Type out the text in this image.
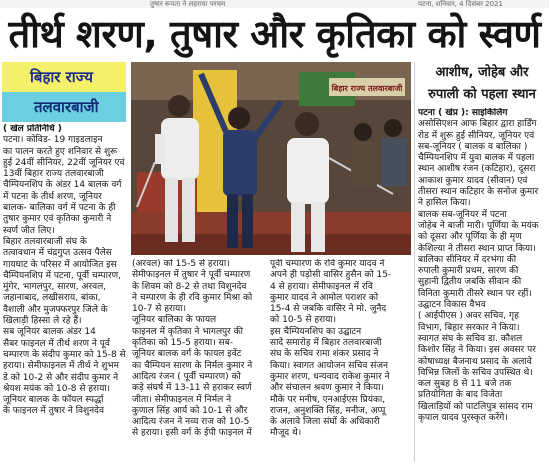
तुषार रूपता ने लहराया परचम	पटना, शनिवार, 4 दिसंबर 2021
तीर्थ शरण, तुषार और कृतिका को स्वर्ण
बिहार राज्य
तलवारबाजी
बिहार राज्य तलवारबाजी

( खेल प्रतिनिधि )

पटना। कोविड- 19 गाइडलाइन

का पालन करते हुए शनिवार से शुरू

हुई 24वीं सीनियर, 22वीं जूनियर एवं

13वीं बिहार राज्य तलवारबाजी

चैम्पियनशिप के अंडर 14 बालक वर्ग

में पटना के तीर्थ शरण, जूनियर

बालक- बालिका वर्ग में पटना के ही

तुषार कुमार एवं कृतिका कुमारी ने

स्वर्ण जीत लिए।

बिहार तलवारबाजी संघ के

तत्वावधान में चंद्रगुप्त उत्सव पैलेस

गायघाट के परिसर में आयोजित इस

चैम्पियनशिप में पटना, पूर्वी चम्पारण,

मुंगेर, भागलपुर, सारण, अरवल,

जहानाबाद, लखीसराय, बांका,

वैशाली और मुजफ्फरपुर जिले के

खिलाड़ी हिस्सा ले रहे हैं।

सब जूनियर बालक अंडर 14

सैबर फाइनल में तीर्थ शरण ने पूर्व

चम्पारण के संदीप कुमार को 15-8 से

हराया। सेमीफाइनल में तीर्थ ने शुभम

डे को 10-2 से और संदीप कुमार ने

श्रेयश मयंक को 10-8 से हराया।

जूनियर बालक के फॉयल स्पर्द्धा

के फाइनल में तुषार ने विशुनदेव

(अरवल) को 15-5 से हराया।

सेमीफाइनल में तुषार ने पूर्वी चम्पारण

के शिवम को 8-2 से तथा विशुनदेव

ने चम्पारण के ही रवि कुमार मिश्रा को

10-7 से हराया।

जूनियर बालिका के फायल

फाइनल में कृतिका ने भागलपुर की

कृतिका को 15-5 हराया। सब-

जूनियर बालक वर्ग के फायल इवेंट

का चैम्पियन सारण के निर्मल कुमार ने

आदित्य रंजन ( पूर्वी चम्पारण) को

कड़े संघर्ष में 13-11 से हराकर स्वर्ण

जीता। सेमीफाइनल में निर्मल ने

कुणाल सिंह आर्य को 10-1 से और

आदित्य रंजन ने नव्य राज को 10-5

से हराया। इसी वर्ग के ईपी फाइनल में

पूर्वी चम्पारण के रवि कुमार यादव ने

अपने ही पड़ोसी वासिर हुसैन को 15-

4 से हराया। सेमीफाइनल में रवि

कुमार यादव ने आमोल पराशर को

15-4 से जबकि वासिर ने मो. जुनैद

को 10-5 से हराया।

इस चैम्पियनशिप का उद्घाटन

सादे समारोह में बिहार तलवारबाजी

संघ के सचिव रामा शंकर प्रसाद ने

किया। स्वागत आयोजन सचिव संजन

कुमार शरण, धन्यवाद राकेश कुमार ने

और संचालन श्रवण कुमार ने किया।

मौके पर मनीष, एनआईएस प्रियंका,

राजन, अनुशक्ति सिंह, मनीज, अप्पू

के अलावे जिला संघों के अधिकारी

मौजूद थे।

आशीष, जोहेब और रुपाली को पहला स्थान

पटना ( खेप्र ): साइकिलिंग

असोसिएशन आफ बिहार द्वारा हार्डिंग

रोड में शुरू हुई सीनियर, जूनियर एवं

सब-जूनियर ( बालक व बालिका )

चैम्पियनशिप में युवा बालक में पहला

स्थान आशीष रंजन (कटिहार), दूसरा

आकाश कुमार यादव (सीवान) एवं

तीसरा स्थान कटिहार के सनोज कुमार

ने हासिल किया।

बालक सब-जूनियर में पटना

जोहेब ने बाजी मारी। पूर्णिया के मयंक

को दूसरा और पूर्णिया के ही मृण

केशिल्या ने तीसरा स्थान प्राप्त किया।

बालिका सीनियर में दरभंगा की

रुपाली कुमारी प्रथम, सारण की

सुहानी द्वितीय जबकि सीवान की

विनिता कुमारी तीसरे स्थान पर रहीं।

उद्घाटन विकास वैभव

( आईपीएस ) अवर सचिव, गृह

विभाग, बिहार सरकार ने किया।

स्वागत संघ के सचिव डा. कौशल

किशोर सिंह ने किया। इस अवसर पर

कोषाध्यक्ष बैजनाथ प्रसाद के अलावे

विभिन्न जिलों के सचिव उपस्थित थे।

कल सुबह 8 से 11 बजे तक

प्रतियोगिता के बाद विजेता

खिलाड़ियों को पाटलिपुत्र सांसद राम

कृपाल यादव पुरस्कृत करेंगे।
